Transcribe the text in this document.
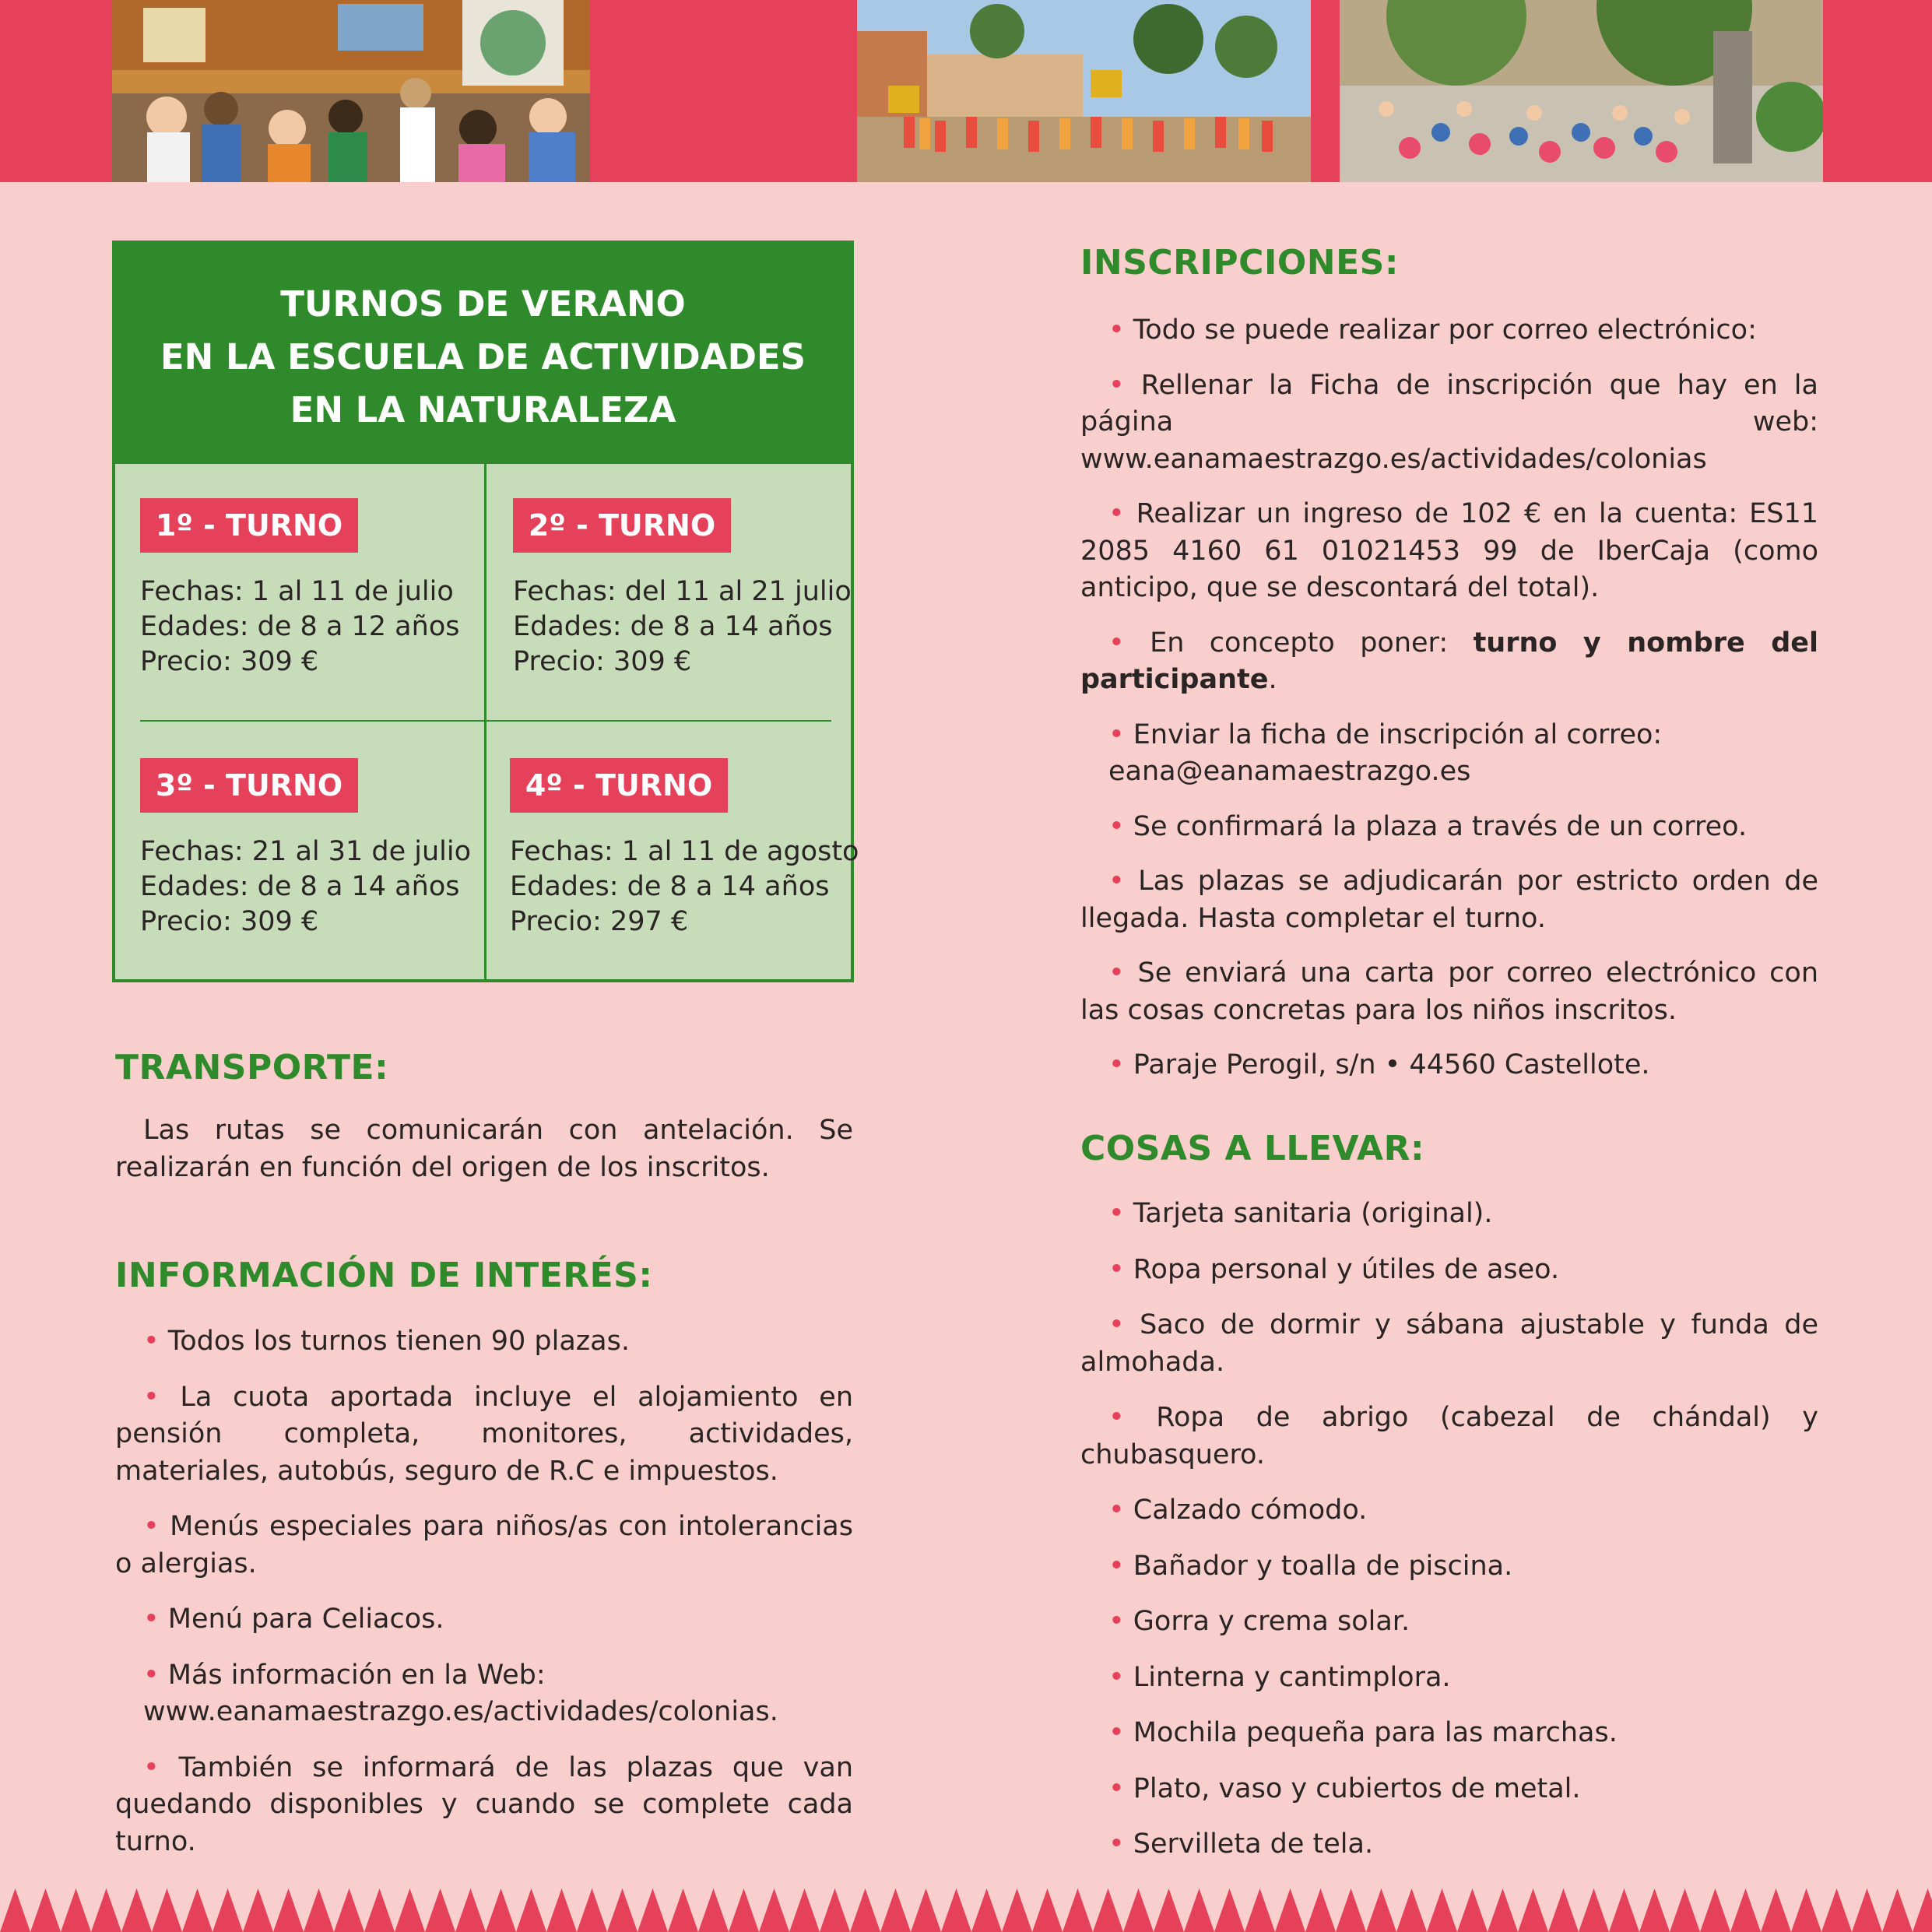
TURNOS DE VERANO
EN LA ESCUELA DE ACTIVIDADES
EN LA NATURALEZA
1º - TURNO
Fechas: 1 al 11 de julio
Edades: de 8 a 12 años
Precio: 309 €
2º - TURNO
Fechas: del 11 al 21 julio
Edades: de 8 a 14 años
Precio: 309 €
3º - TURNO
Fechas: 21 al 31 de julio
Edades: de 8 a 14 años
Precio: 309 €
4º - TURNO
Fechas: 1 al 11 de agosto
Edades: de 8 a 14 años
Precio: 297 €
TRANSPORTE:
Las rutas se comunicarán con antelación. Se realizarán en función del origen de los inscritos.
INFORMACIÓN DE INTERÉS:

• Todos los turnos tienen 90 plazas.

• La cuota aportada incluye el alojamiento en pensión completa, monitores, actividades, materiales, autobús, seguro de R.C e impuestos.

• Menús especiales para niños/as con intolerancias o alergias.

• Menú para Celiacos.

• Más información en la Web: www.eanamaestrazgo.es/actividades/colonias.

• También se informará de las plazas que van quedando disponibles y cuando se complete cada turno.

INSCRIPCIONES:

• Todo se puede realizar por correo electrónico:

• Rellenar la Ficha de inscripción que hay en la página web: www.eanamaestrazgo.es/actividades/colonias

• Realizar un ingreso de 102 € en la cuenta: ES11 2085 4160 61 01021453 99 de IberCaja (como anticipo, que se descontará del total).

• En concepto poner: turno y nombre del participante.

• Enviar la ficha de inscripción al correo: eana@eanamaestrazgo.es

• Se confirmará la plaza a través de un correo.

• Las plazas se adjudicarán por estricto orden de llegada. Hasta completar el turno.

• Se enviará una carta por correo electrónico con las cosas concretas para los niños inscritos.

• Paraje Perogil, s/n • 44560 Castellote.

COSAS A LLEVAR:

• Tarjeta sanitaria (original).

• Ropa personal y útiles de aseo.

• Saco de dormir y sábana ajustable y funda de almohada.

• Ropa de abrigo (cabezal de chándal) y chubasquero.

• Calzado cómodo.

• Bañador y toalla de piscina.

• Gorra y crema solar.

• Linterna y cantimplora.

• Mochila pequeña para las marchas.

• Plato, vaso y cubiertos de metal.

• Servilleta de tela.
